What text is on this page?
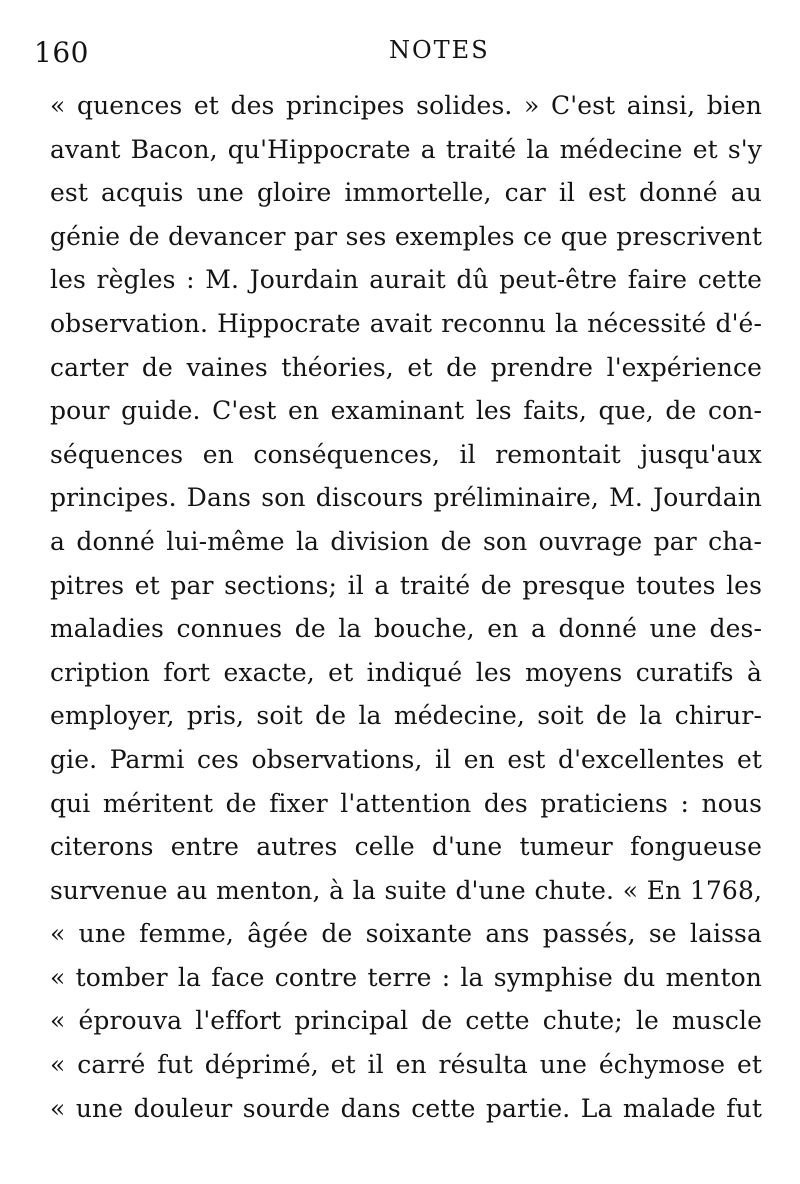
160	NOTES
« quences et des principes solides. » C'est ainsi, bien
avant Bacon, qu'Hippocrate a traité la médecine et s'y
est acquis une gloire immortelle, car il est donné au
génie de devancer par ses exemples ce que prescrivent
les règles : M. Jourdain aurait dû peut-être faire cette
observation. Hippocrate avait reconnu la nécessité d'é-
carter de vaines théories, et de prendre l'expérience
pour guide. C'est en examinant les faits, que, de con-
séquences en conséquences, il remontait jusqu'aux
principes. Dans son discours préliminaire, M. Jourdain
a donné lui-même la division de son ouvrage par cha-
pitres et par sections; il a traité de presque toutes les
maladies connues de la bouche, en a donné une des-
cription fort exacte, et indiqué les moyens curatifs à
employer, pris, soit de la médecine, soit de la chirur-
gie. Parmi ces observations, il en est d'excellentes et
qui méritent de fixer l'attention des praticiens : nous
citerons entre autres celle d'une tumeur fongueuse
survenue au menton, à la suite d'une chute. « En 1768,
« une femme, âgée de soixante ans passés, se laissa
« tomber la face contre terre : la symphise du menton
« éprouva l'effort principal de cette chute; le muscle
« carré fut déprimé, et il en résulta une échymose et
« une douleur sourde dans cette partie. La malade fut
